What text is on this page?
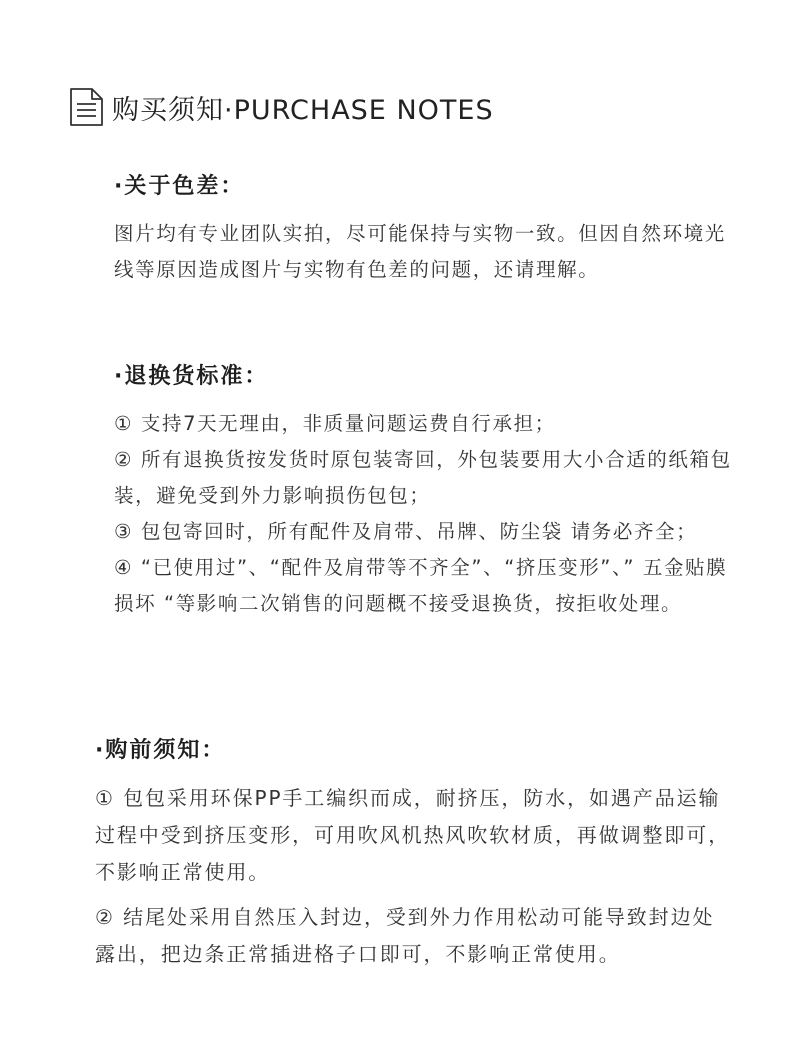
购买须知·PURCHASE NOTES
·关于色差：

图片均有专业团队实拍，尽可能保持与实物一致。但因自然环境光线等原因造成图片与实物有色差的问题，还请理解。

·退换货标准：

① 支持7天无理由，非质量问题运费自行承担；

② 所有退换货按发货时原包装寄回，外包装要用大小合适的纸箱包装，避免受到外力影响损伤包包；

③ 包包寄回时，所有配件及肩带、吊牌、防尘袋 请务必齐全；

④ “已使用过”、“配件及肩带等不齐全”、“挤压变形”、” 五金贴膜损坏 “等影响二次销售的问题概不接受退换货，按拒收处理。

·购前须知：

① 包包采用环保PP手工编织而成，耐挤压，防水，如遇产品运输过程中受到挤压变形，可用吹风机热风吹软材质，再做调整即可，不影响正常使用。

② 结尾处采用自然压入封边，受到外力作用松动可能导致封边处露出，把边条正常插进格子口即可，不影响正常使用。
